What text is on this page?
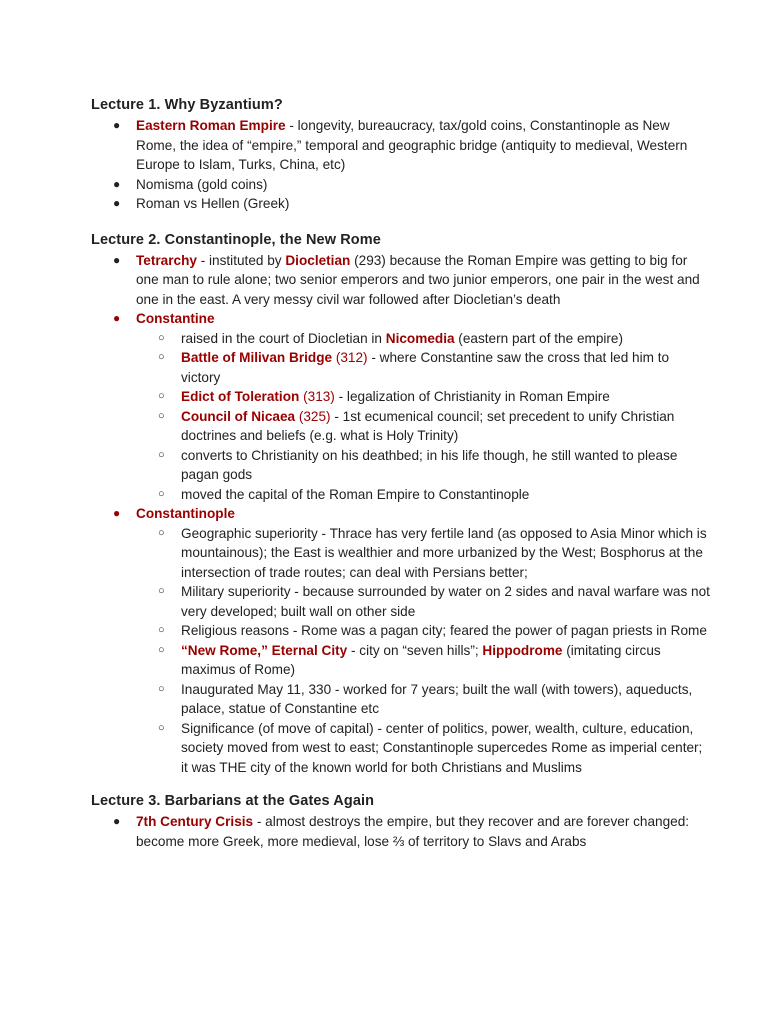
Lecture 1. Why Byzantium?
● Eastern Roman Empire - longevity, bureaucracy, tax/gold coins, Constantinople as New Rome, the idea of “empire,” temporal and geographic bridge (antiquity to medieval, Western Europe to Islam, Turks, China, etc)
● Nomisma (gold coins)
● Roman vs Hellen (Greek)
Lecture 2. Constantinople, the New Rome
● Tetrarchy - instituted by Diocletian (293) because the Roman Empire was getting to big for one man to rule alone; two senior emperors and two junior emperors, one pair in the west and one in the east. A very messy civil war followed after Diocletian’s death
● Constantine
○ raised in the court of Diocletian in Nicomedia (eastern part of the empire)
○ Battle of Milivan Bridge (312) - where Constantine saw the cross that led him to victory
○ Edict of Toleration (313) - legalization of Christianity in Roman Empire
○ Council of Nicaea (325) - 1st ecumenical council; set precedent to unify Christian doctrines and beliefs (e.g. what is Holy Trinity)
○ converts to Christianity on his deathbed; in his life though, he still wanted to please pagan gods
○ moved the capital of the Roman Empire to Constantinople
● Constantinople
○ Geographic superiority - Thrace has very fertile land (as opposed to Asia Minor which is mountainous); the East is wealthier and more urbanized by the West; Bosphorus at the intersection of trade routes; can deal with Persians better;
○ Military superiority - because surrounded by water on 2 sides and naval warfare was not very developed; built wall on other side
○ Religious reasons - Rome was a pagan city; feared the power of pagan priests in Rome
○ “New Rome,” Eternal City - city on “seven hills”; Hippodrome (imitating circus maximus of Rome)
○ Inaugurated May 11, 330 - worked for 7 years; built the wall (with towers), aqueducts, palace, statue of Constantine etc
○ Significance (of move of capital) - center of politics, power, wealth, culture, education, society moved from west to east; Constantinople supercedes Rome as imperial center; it was THE city of the known world for both Christians and Muslims
Lecture 3. Barbarians at the Gates Again
● 7th Century Crisis - almost destroys the empire, but they recover and are forever changed: become more Greek, more medieval, lose ⅔ of territory to Slavs and Arabs
